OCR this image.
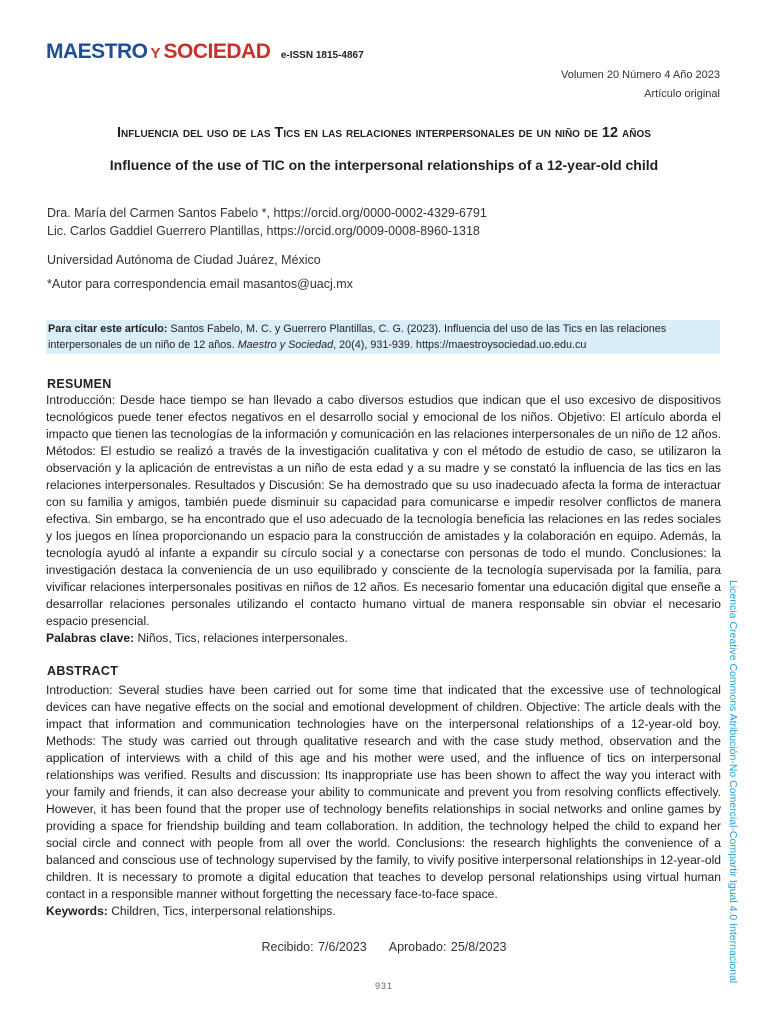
MAESTRO Y SOCIEDAD e-ISSN 1815-4867
Volumen 20 Número 4 Año 2023
Artículo original
Influencia del uso de las Tics en las relaciones interpersonales de un niño de 12 años
Influence of the use of TIC on the interpersonal relationships of a 12-year-old child
Dra. María del Carmen Santos Fabelo *, https://orcid.org/0000-0002-4329-6791
Lic. Carlos Gaddiel Guerrero Plantillas, https://orcid.org/0009-0008-8960-1318
Universidad Autónoma de Ciudad Juárez, México
*Autor para correspondencia email masantos@uacj.mx
Para citar este artículo: Santos Fabelo, M. C. y Guerrero Plantillas, C. G. (2023). Influencia del uso de las Tics en las relaciones interpersonales de un niño de 12 años. Maestro y Sociedad, 20(4), 931-939. https://maestroysociedad.uo.edu.cu
RESUMEN

Introducción: Desde hace tiempo se han llevado a cabo diversos estudios que indican que el uso excesivo de dispositivos tecnológicos puede tener efectos negativos en el desarrollo social y emocional de los niños. Objetivo: El artículo aborda el impacto que tienen las tecnologías de la información y comunicación en las relaciones interpersonales de un niño de 12 años. Métodos: El estudio se realizó a través de la investigación cualitativa y con el método de estudio de caso, se utilizaron la observación y la aplicación de entrevistas a un niño de esta edad y a su madre y se constató la influencia de las tics en las relaciones interpersonales. Resultados y Discusión: Se ha demostrado que su uso inadecuado afecta la forma de interactuar con su familia y amigos, también puede disminuir su capacidad para comunicarse e impedir resolver conflictos de manera efectiva. Sin embargo, se ha encontrado que el uso adecuado de la tecnología beneficia las relaciones en las redes sociales y los juegos en línea proporcionando un espacio para la construcción de amistades y la colaboración en equipo. Además, la tecnología ayudó al infante a expandir su círculo social y a conectarse con personas de todo el mundo. Conclusiones: la investigación destaca la conveniencia de un uso equilibrado y consciente de la tecnología supervisada por la familia, para vivificar relaciones interpersonales positivas en niños de 12 años. Es necesario fomentar una educación digital que enseñe a desarrollar relaciones personales utilizando el contacto humano virtual de manera responsable sin obviar el necesario espacio presencial.

Palabras clave: Niños, Tics, relaciones interpersonales.

ABSTRACT

Introduction: Several studies have been carried out for some time that indicated that the excessive use of technological devices can have negative effects on the social and emotional development of children. Objective: The article deals with the impact that information and communication technologies have on the interpersonal relationships of a 12-year-old boy. Methods: The study was carried out through qualitative research and with the case study method, observation and the application of interviews with a child of this age and his mother were used, and the influence of tics on interpersonal relationships was verified. Results and discussion: Its inappropriate use has been shown to affect the way you interact with your family and friends, it can also decrease your ability to communicate and prevent you from resolving conflicts effectively. However, it has been found that the proper use of technology benefits relationships in social networks and online games by providing a space for friendship building and team collaboration. In addition, the technology helped the child to expand her social circle and connect with people from all over the world. Conclusions: the research highlights the convenience of a balanced and conscious use of technology supervised by the family, to vivify positive interpersonal relationships in 12-year-old children. It is necessary to promote a digital education that teaches to develop personal relationships using virtual human contact in a responsible manner without forgetting the necessary face-to-face space.

Keywords: Children, Tics, interpersonal relationships.

Recibido: 7/6/2023 Aprobado: 25/8/2023
931
Licencia Creative Commons Atribución-No Comercial-Compartir Igual 4.0 Internacional
